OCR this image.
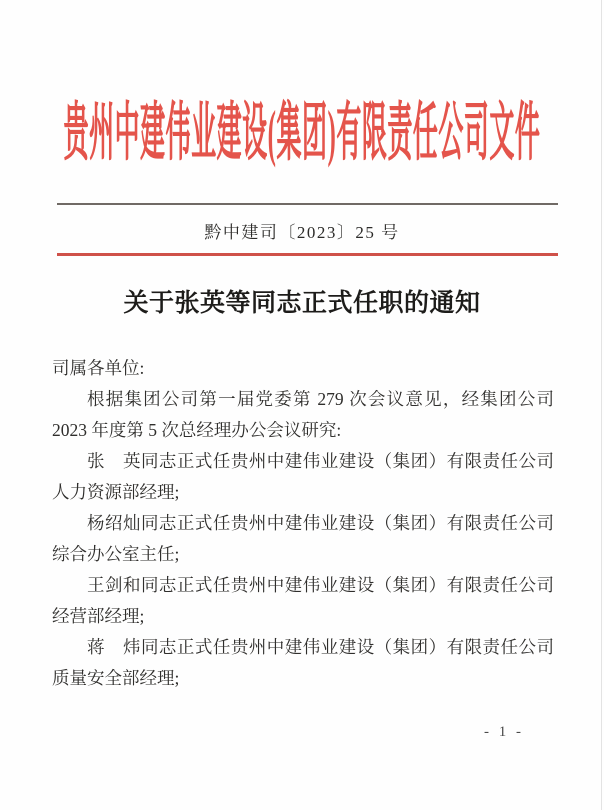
贵州中建伟业建设(集团)有限责任公司文件
黔中建司〔2023〕25 号
关于张英等同志正式任职的通知
司属各单位:
根据集团公司第一届党委第 279 次会议意见，经集团公司
2023 年度第 5 次总经理办公会议研究:
张　英同志正式任贵州中建伟业建设（集团）有限责任公司
人力资源部经理;
杨绍灿同志正式任贵州中建伟业建设（集团）有限责任公司
综合办公室主任;
王剑和同志正式任贵州中建伟业建设（集团）有限责任公司
经营部经理;
蒋　炜同志正式任贵州中建伟业建设（集团）有限责任公司
质量安全部经理;
- 1 -
